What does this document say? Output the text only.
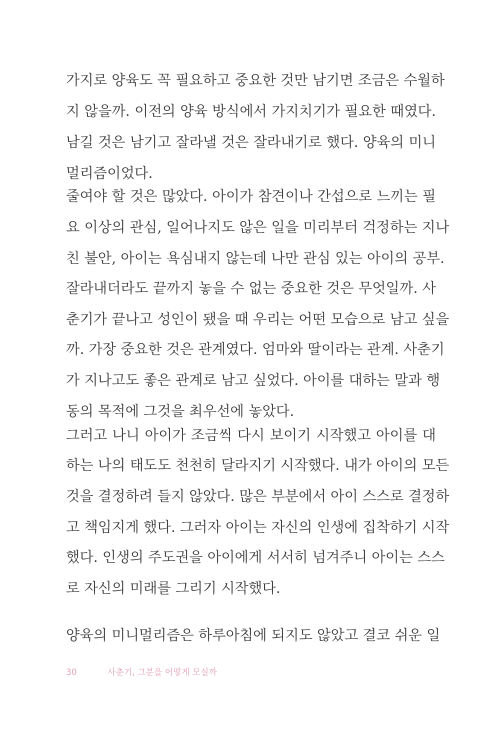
가지로 양육도 꼭 필요하고 중요한 것만 남기면 조금은 수월하
지 않을까. 이전의 양육 방식에서 가지치기가 필요한 때였다.
남길 것은 남기고 잘라낼 것은 잘라내기로 했다. 양육의 미니
멀리즘이었다.
줄여야 할 것은 많았다. 아이가 참견이나 간섭으로 느끼는 필
요 이상의 관심, 일어나지도 않은 일을 미리부터 걱정하는 지나
친 불안, 아이는 욕심내지 않는데 나만 관심 있는 아이의 공부.
잘라내더라도 끝까지 놓을 수 없는 중요한 것은 무엇일까. 사
춘기가 끝나고 성인이 됐을 때 우리는 어떤 모습으로 남고 싶을
까. 가장 중요한 것은 관계였다. 엄마와 딸이라는 관계. 사춘기
가 지나고도 좋은 관계로 남고 싶었다. 아이를 대하는 말과 행
동의 목적에 그것을 최우선에 놓았다.
그러고 나니 아이가 조금씩 다시 보이기 시작했고 아이를 대
하는 나의 태도도 천천히 달라지기 시작했다. 내가 아이의 모든
것을 결정하려 들지 않았다. 많은 부분에서 아이 스스로 결정하
고 책임지게 했다. 그러자 아이는 자신의 인생에 집착하기 시작
했다. 인생의 주도권을 아이에게 서서히 넘겨주니 아이는 스스
로 자신의 미래를 그리기 시작했다.
양육의 미니멀리즘은 하루아침에 되지도 않았고 결코 쉬운 일
30	사춘기, 그분을 어떻게 모실까
